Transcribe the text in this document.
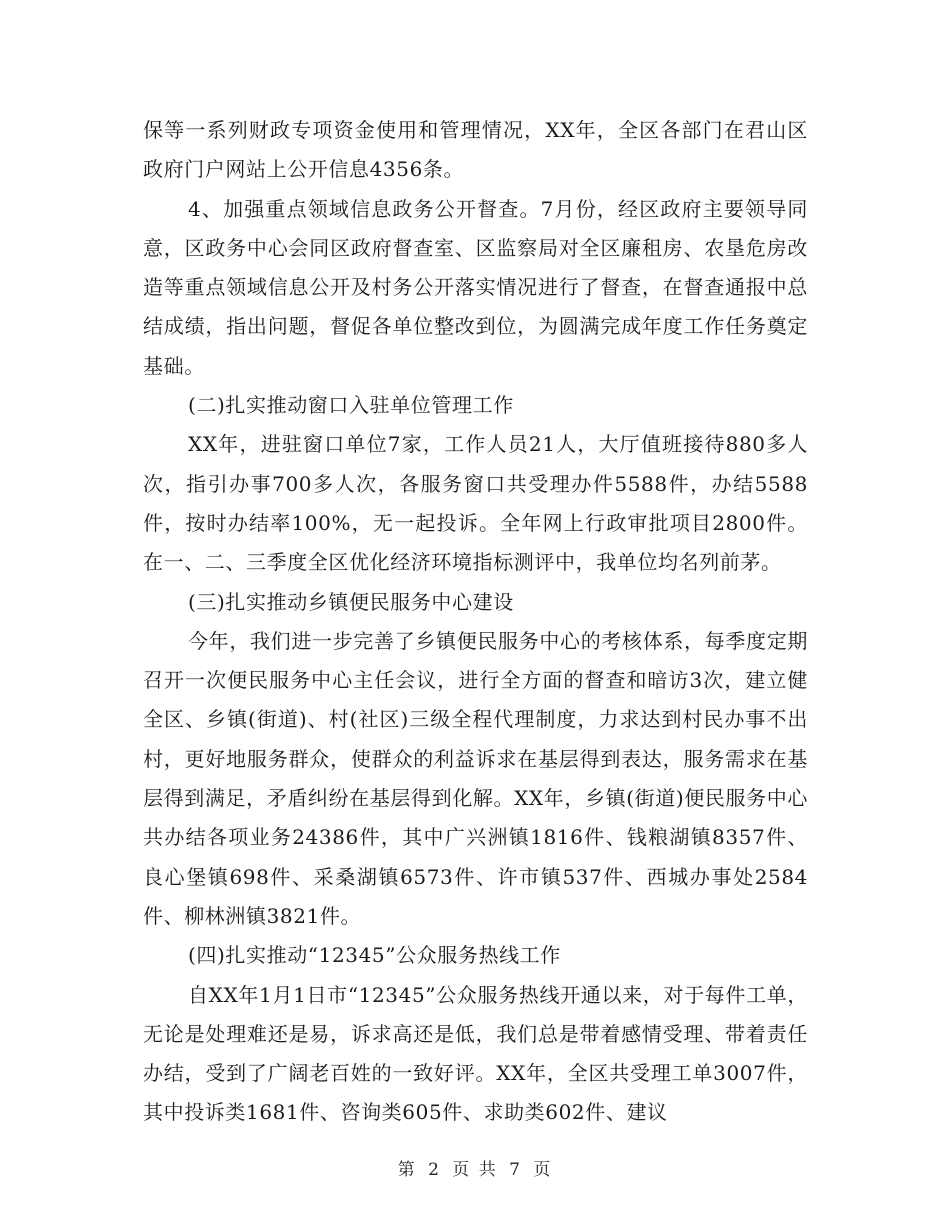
保等一系列财政专项资金使用和管理情况，XX年，全区各部门在君山区政府门户网站上公开信息4356条。

4、加强重点领域信息政务公开督查。7月份，经区政府主要领导同意，区政务中心会同区政府督查室、区监察局对全区廉租房、农垦危房改造等重点领域信息公开及村务公开落实情况进行了督查，在督查通报中总结成绩，指出问题，督促各单位整改到位，为圆满完成年度工作任务奠定基础。

(二)扎实推动窗口入驻单位管理工作

XX年，进驻窗口单位7家，工作人员21人，大厅值班接待880多人次，指引办事700多人次，各服务窗口共受理办件5588件，办结5588件，按时办结率100%，无一起投诉。全年网上行政审批项目2800件。在一、二、三季度全区优化经济环境指标测评中，我单位均名列前茅。

(三)扎实推动乡镇便民服务中心建设

今年，我们进一步完善了乡镇便民服务中心的考核体系，每季度定期召开一次便民服务中心主任会议，进行全方面的督查和暗访3次，建立健全区、乡镇(街道)、村(社区)三级全程代理制度，力求达到村民办事不出村，更好地服务群众，使群众的利益诉求在基层得到表达，服务需求在基层得到满足，矛盾纠纷在基层得到化解。XX年，乡镇(街道)便民服务中心共办结各项业务24386件，其中广兴洲镇1816件、钱粮湖镇8357件、良心堡镇698件、采桑湖镇6573件、许市镇537件、西城办事处2584件、柳林洲镇3821件。

(四)扎实推动“12345”公众服务热线工作

自XX年1月1日市“12345”公众服务热线开通以来，对于每件工单，无论是处理难还是易，诉求高还是低，我们总是带着感情受理、带着责任办结，受到了广阔老百姓的一致好评。XX年，全区共受理工单3007件，其中投诉类1681件、咨询类605件、求助类602件、建议

第 2 页 共 7 页
